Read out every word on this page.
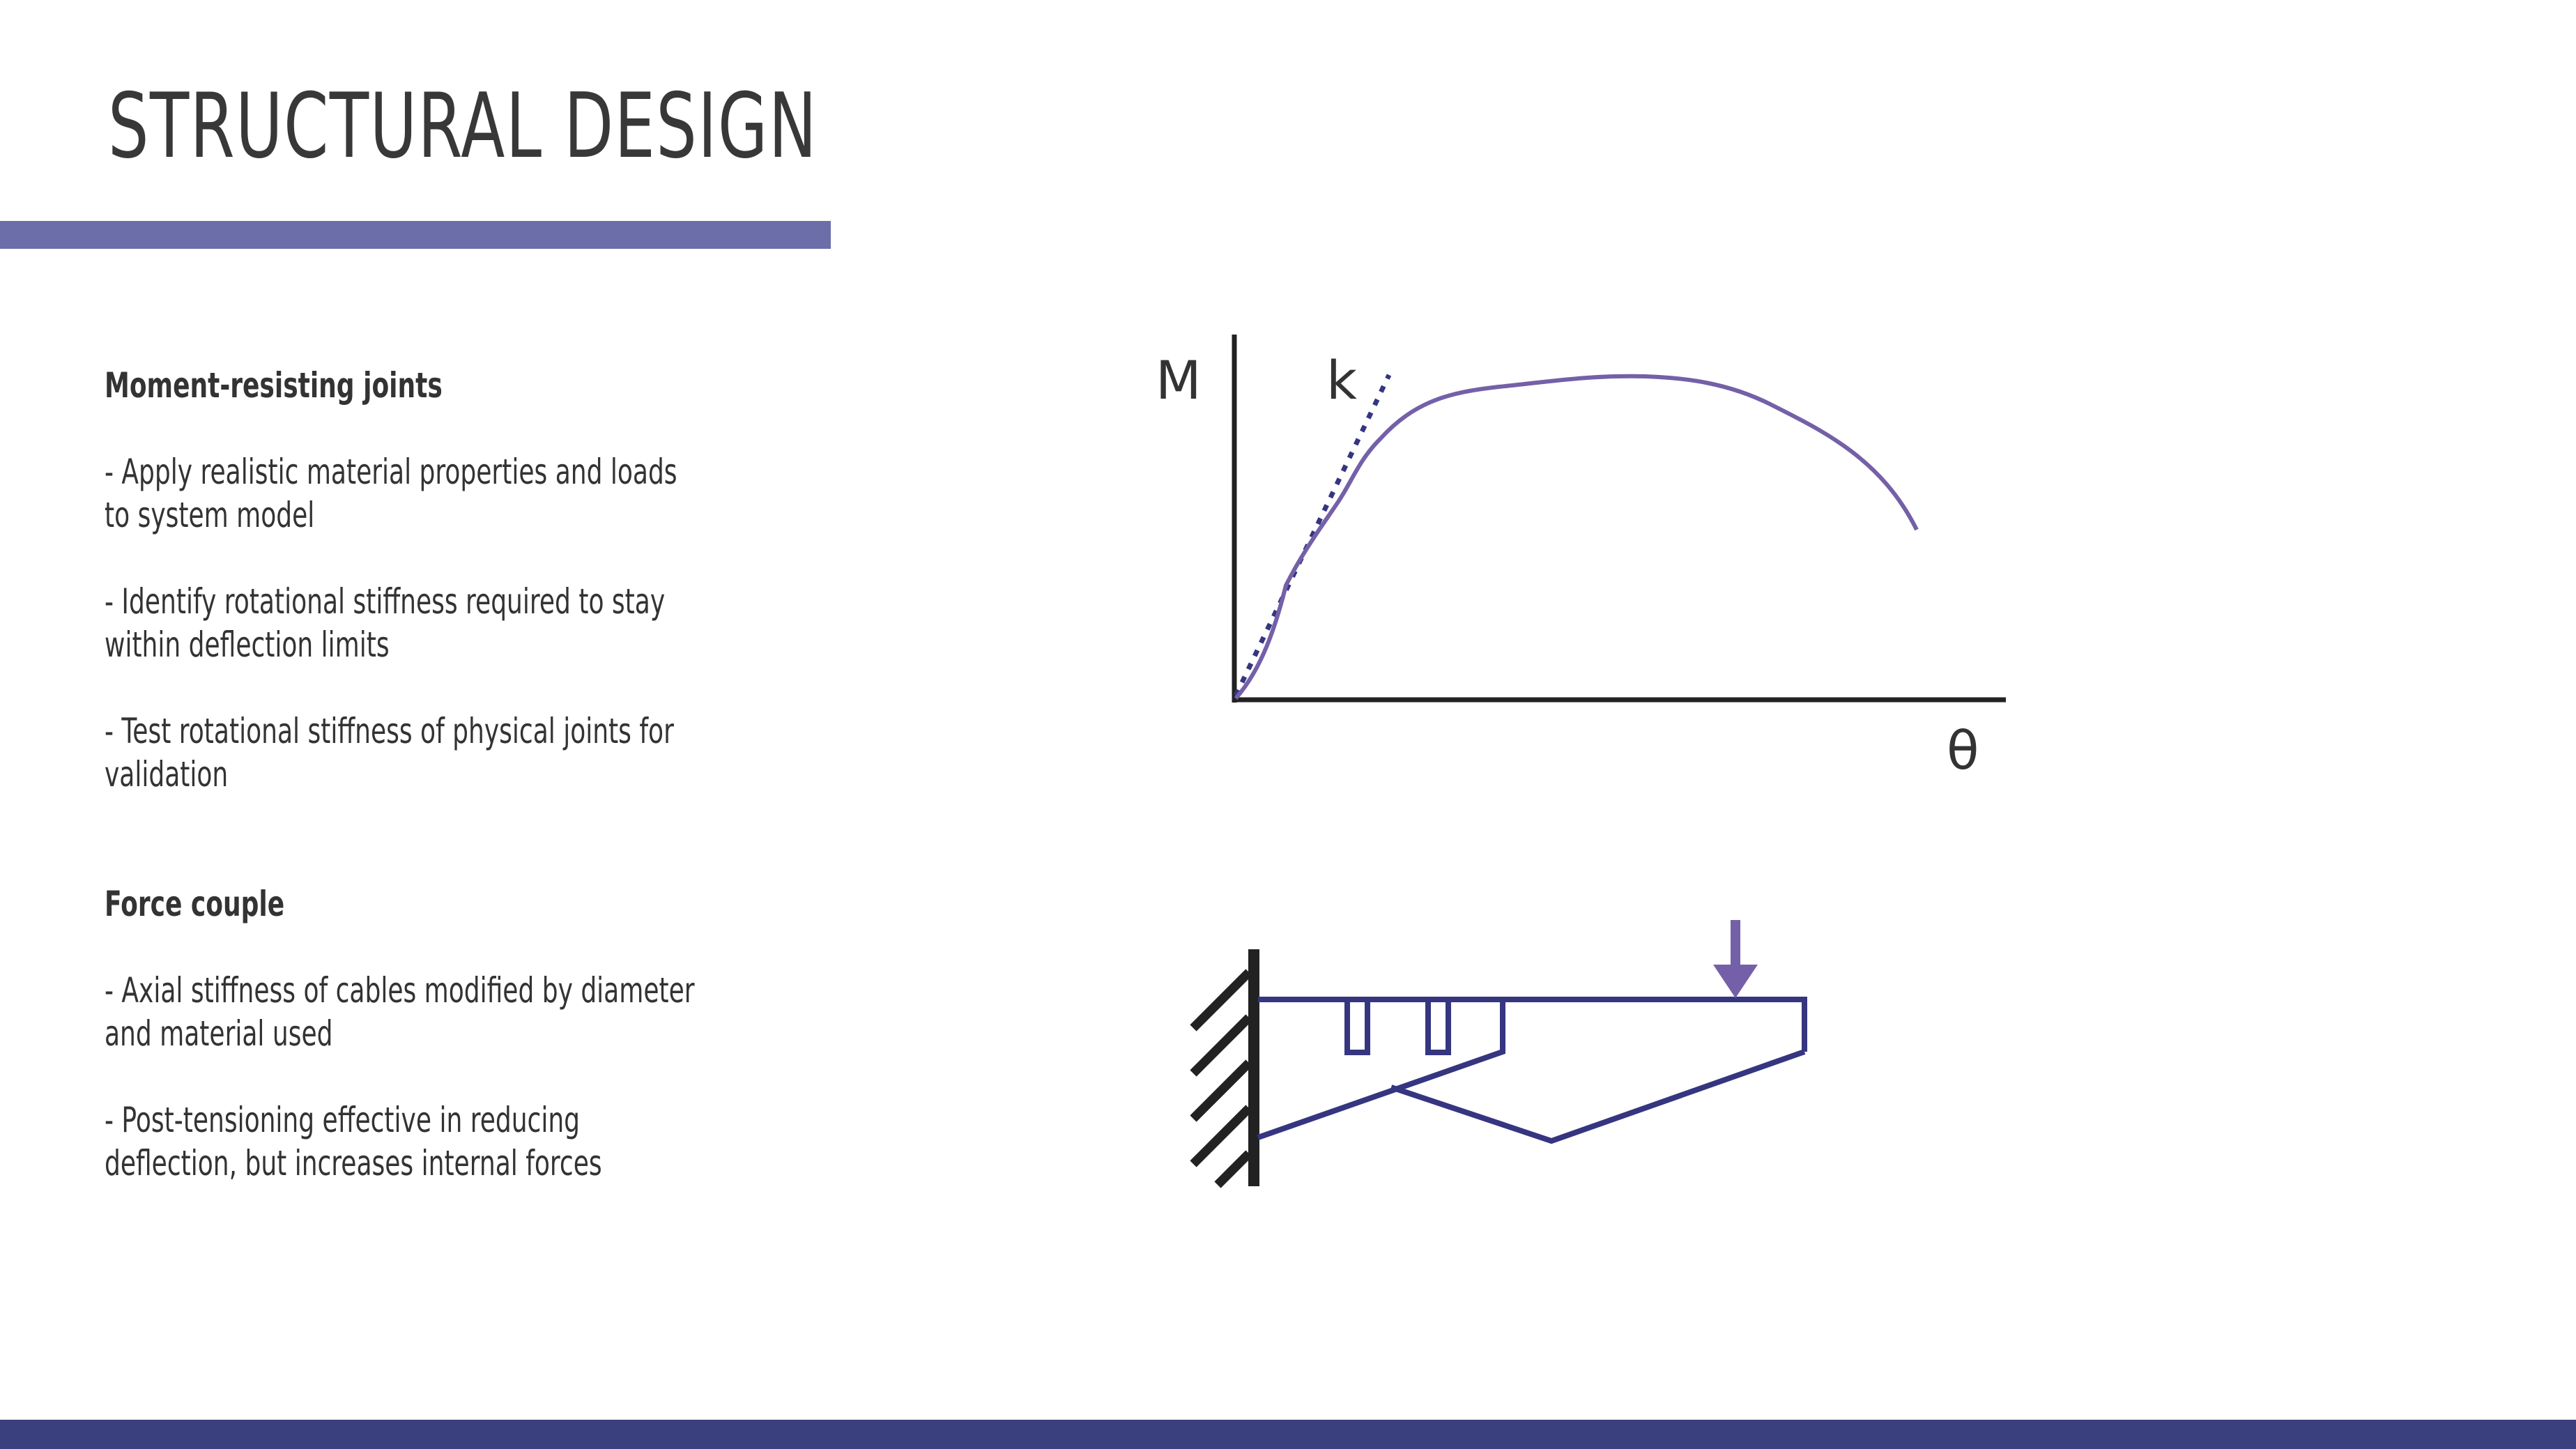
STRUCTURAL DESIGN
Moment-resisting joints
- Apply realistic material properties and loads to system model
- Identify rotational stiffness required to stay within deflection limits
- Test rotational stiffness of physical joints for validation
Force couple
- Axial stiffness of cables modified by diameter and material used
- Post-tensioning effective in reducing deflection, but increases internal forces
M k
θ
